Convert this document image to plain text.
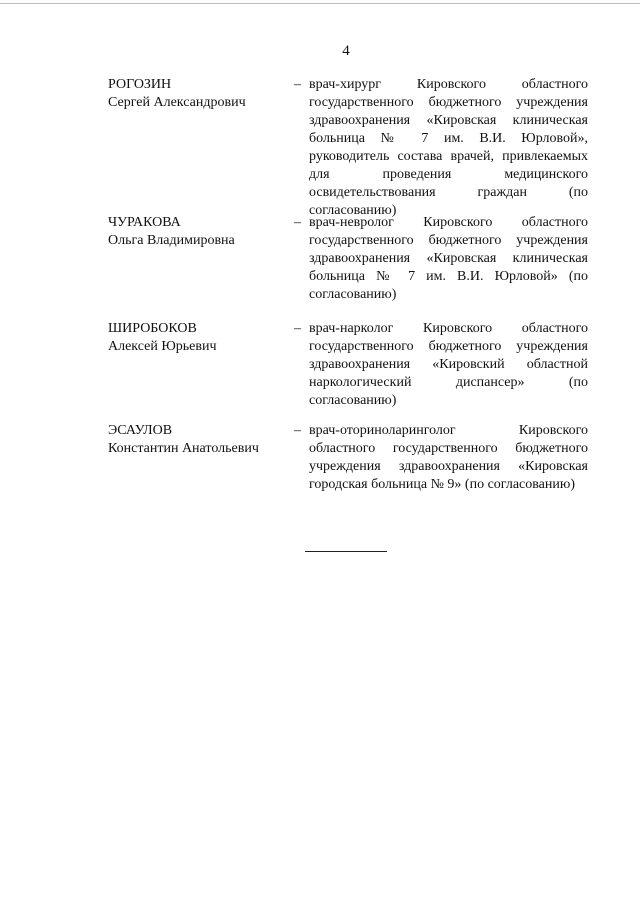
4
РОГОЗИН
Сергей Александрович
– врач-хирург Кировского областного государственного бюджетного учреждения здравоохранения «Кировская клиническая больница № 7 им. В.И. Юрловой», руководитель состава врачей, привлекаемых для проведения медицинского освидетельствования граждан (по согласованию)
ЧУРАКОВА
Ольга Владимировна
– врач-невролог Кировского областного государственного бюджетного учреждения здравоохранения «Кировская клиническая больница № 7 им. В.И. Юрловой» (по согласованию)
ШИРОБОКОВ
Алексей Юрьевич
– врач-нарколог Кировского областного государственного бюджетного учреждения здравоохранения «Кировский областной наркологический диспансер» (по согласованию)
ЭСАУЛОВ
Константин Анатольевич
– врач-оториноларинголог Кировского областного государственного бюджетного учреждения здравоохранения «Кировская городская больница № 9» (по согласованию)
